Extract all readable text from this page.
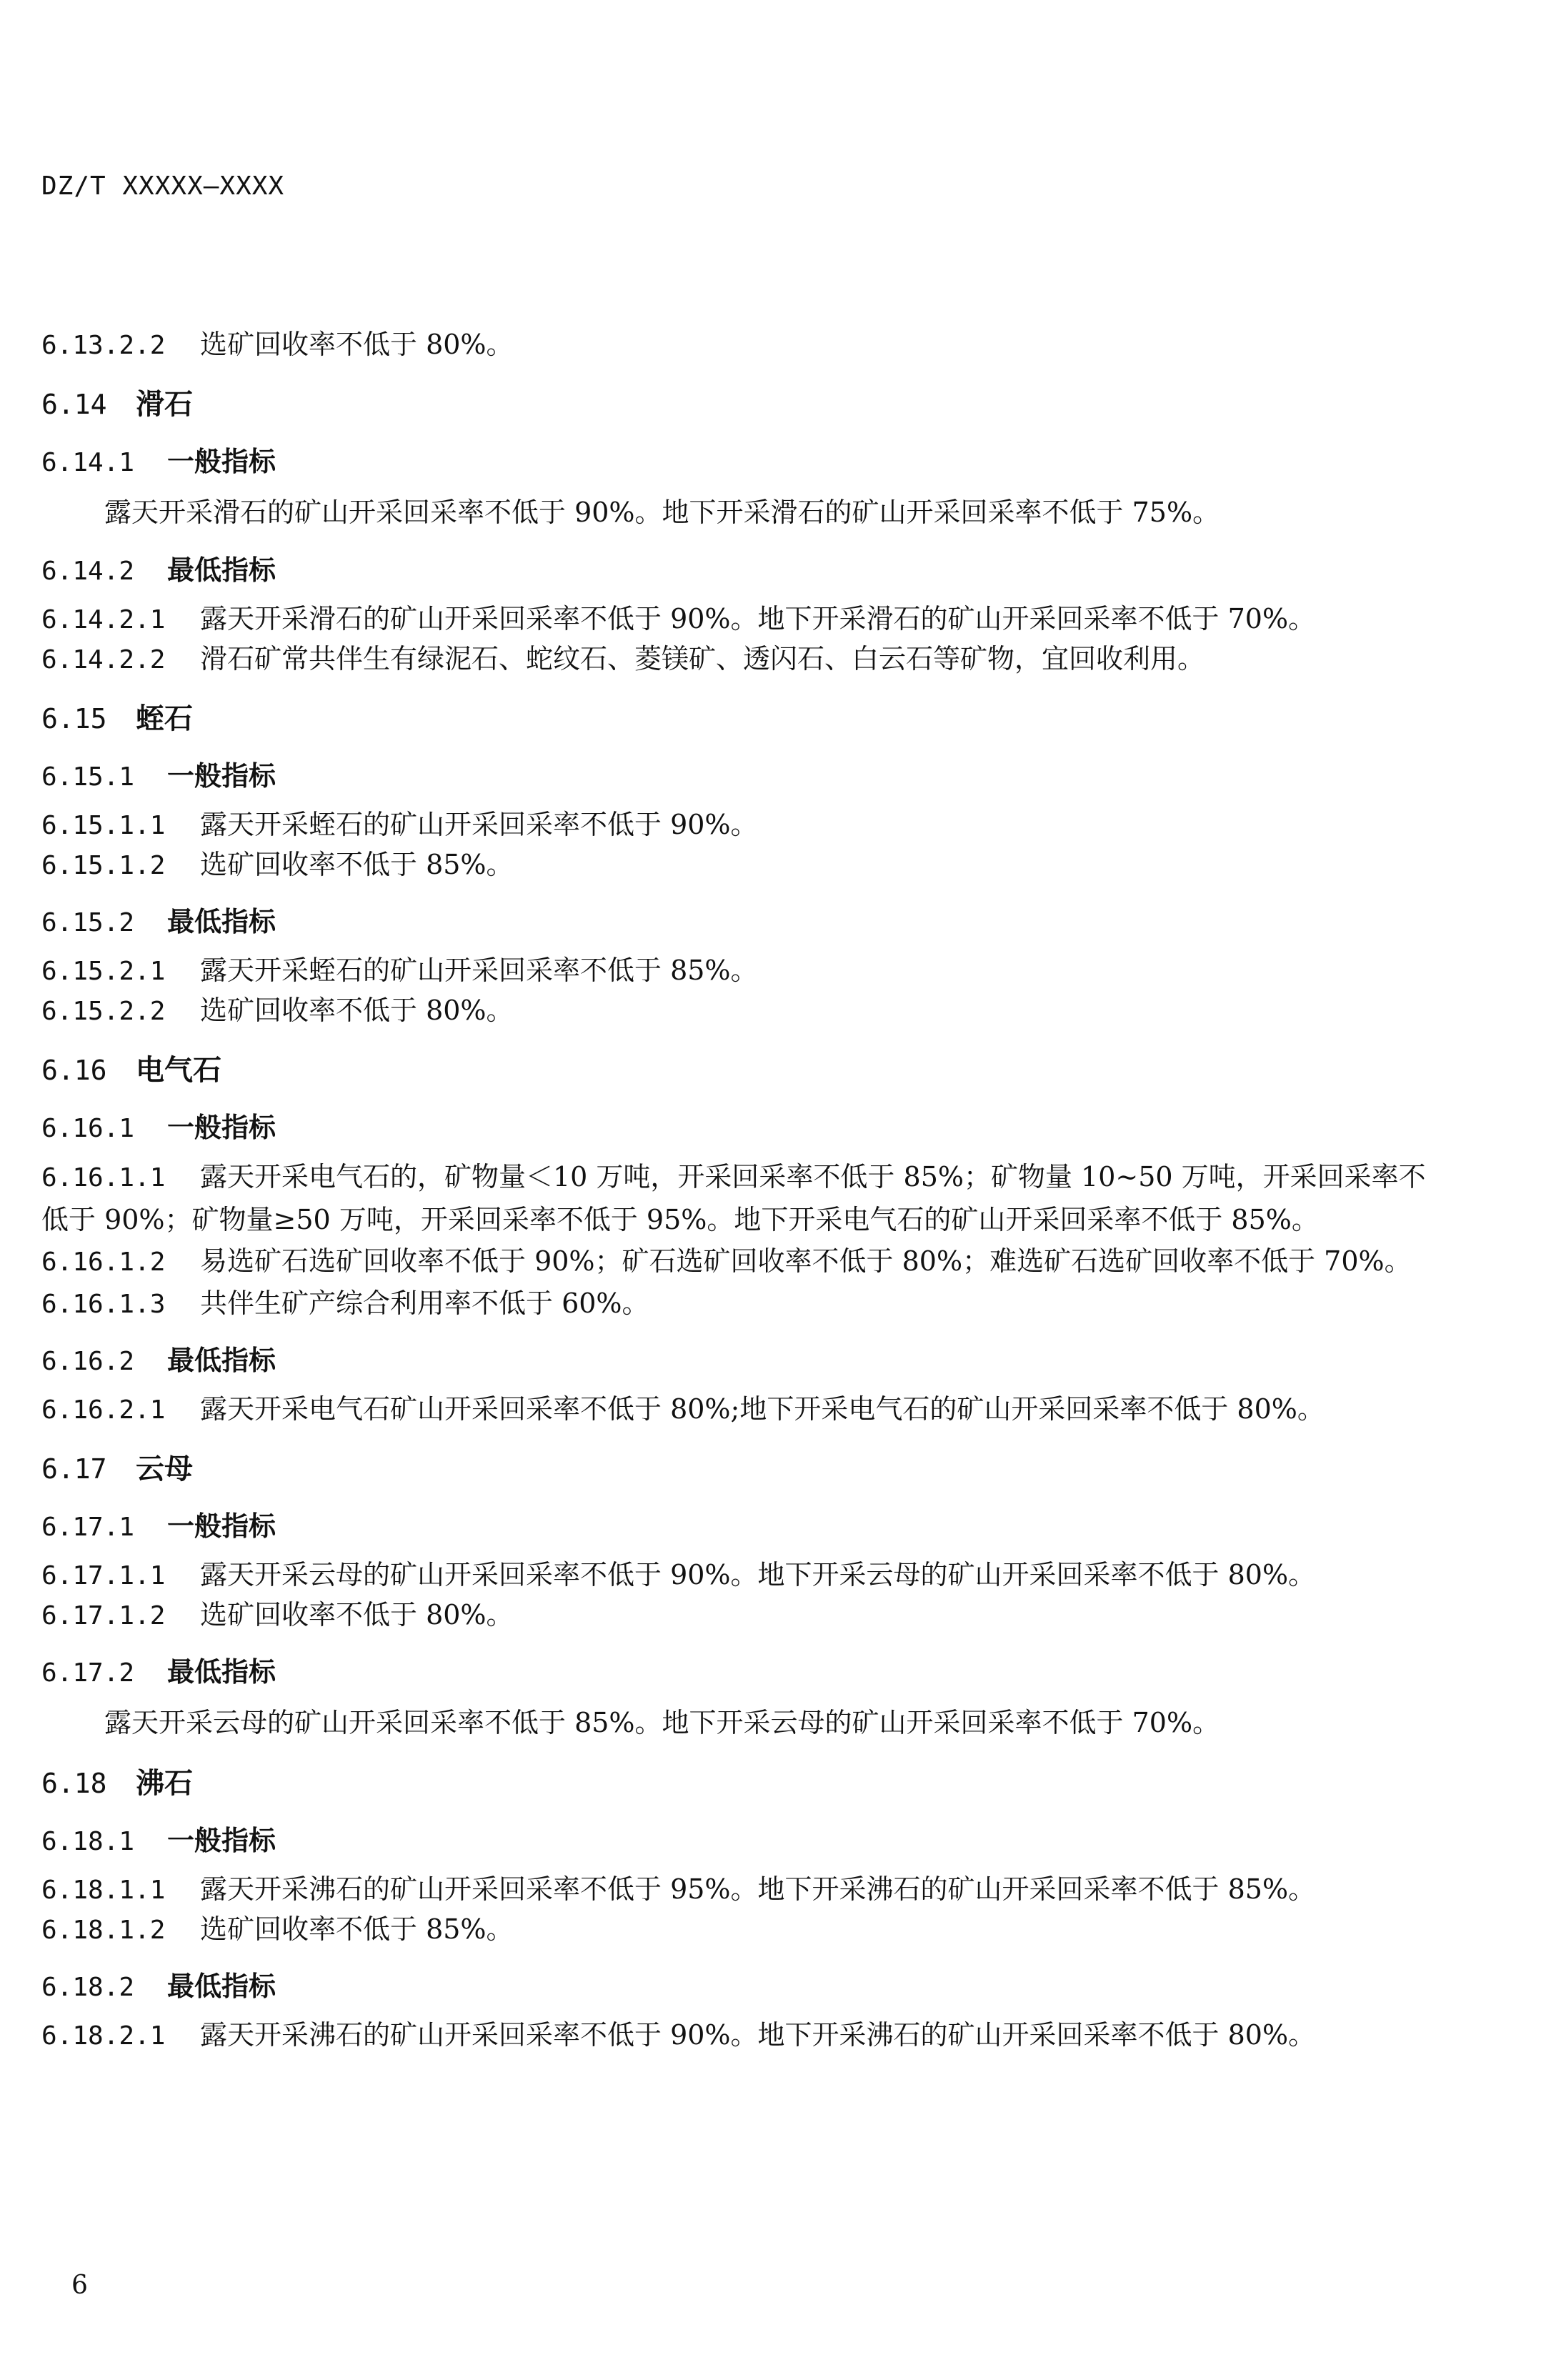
DZ/T XXXXX—XXXX
6.13.2.2	选矿回收率不低于 80%。
6.14	滑石
6.14.1	一般指标
露天开采滑石的矿山开采回采率不低于 90%。地下开采滑石的矿山开采回采率不低于 75%。
6.14.2	最低指标
6.14.2.1	露天开采滑石的矿山开采回采率不低于 90%。地下开采滑石的矿山开采回采率不低于 70%。
6.14.2.2	滑石矿常共伴生有绿泥石、蛇纹石、菱镁矿、透闪石、白云石等矿物，宜回收利用。
6.15	蛭石
6.15.1	一般指标
6.15.1.1	露天开采蛭石的矿山开采回采率不低于 90%。
6.15.1.2	选矿回收率不低于 85%。
6.15.2	最低指标
6.15.2.1	露天开采蛭石的矿山开采回采率不低于 85%。
6.15.2.2	选矿回收率不低于 80%。
6.16	电气石
6.16.1	一般指标
6.16.1.1 露天开采电气石的，矿物量＜10 万吨，开采回采率不低于 85%；矿物量 10~50 万吨，开采回采率不低于 90%；矿物量≥50 万吨，开采回采率不低于 95%。地下开采电气石的矿山开采回采率不低于 85%。
6.16.1.2 易选矿石选矿回收率不低于 90%；矿石选矿回收率不低于 80%；难选矿石选矿回收率不低于 70%。
6.16.1.3	共伴生矿产综合利用率不低于 60%。
6.16.2	最低指标
6.16.2.1	露天开采电气石矿山开采回采率不低于 80%;地下开采电气石的矿山开采回采率不低于 80%。
6.17	云母
6.17.1	一般指标
6.17.1.1	露天开采云母的矿山开采回采率不低于 90%。地下开采云母的矿山开采回采率不低于 80%。
6.17.1.2	选矿回收率不低于 80%。
6.17.2	最低指标
露天开采云母的矿山开采回采率不低于 85%。地下开采云母的矿山开采回采率不低于 70%。
6.18	沸石
6.18.1	一般指标
6.18.1.1	露天开采沸石的矿山开采回采率不低于 95%。地下开采沸石的矿山开采回采率不低于 85%。
6.18.1.2	选矿回收率不低于 85%。
6.18.2	最低指标
6.18.2.1	露天开采沸石的矿山开采回采率不低于 90%。地下开采沸石的矿山开采回采率不低于 80%。
6
